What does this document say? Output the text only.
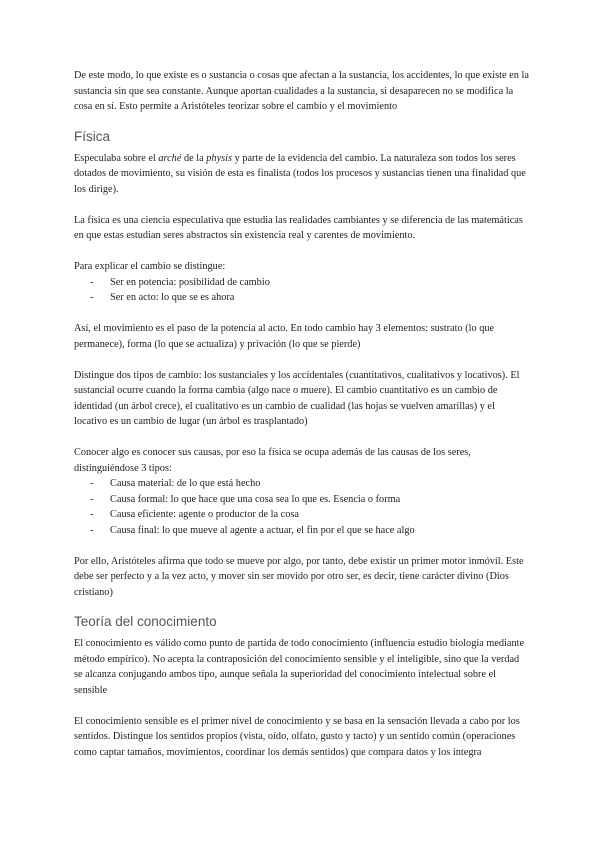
De este modo, lo que existe es o sustancia o cosas que afectan a la sustancia, los accidentes, lo que existe en la sustancia sin que sea constante. Aunque aportan cualidades a la sustancia, si desaparecen no se modifica la cosa en sí. Esto permite a Aristóteles teorizar sobre el cambio y el movimiento

Física

Especulaba sobre el arché de la physis y parte de la evidencia del cambio. La naturaleza son todos los seres dotados de movimiento, su visión de esta es finalista (todos los procesos y sustancias tienen una finalidad que los dirige).

La física es una ciencia especulativa que estudia las realidades cambiantes y se diferencia de las matemáticas en que estas estudian seres abstractos sin existencia real y carentes de movimiento.

Para explicar el cambio se distingue:

- Ser en potencia: posibilidad de cambio
- Ser en acto: lo que se es ahora

Así, el movimiento es el paso de la potencia al acto. En todo cambio hay 3 elementos: sustrato (lo que permanece), forma (lo que se actualiza) y privación (lo que se pierde)

Distingue dos tipos de cambio: los sustanciales y los accidentales (cuantitativos, cualitativos y locativos). El sustancial ocurre cuando la forma cambia (algo nace o muere). El cambio cuantitativo es un cambio de identidad (un árbol crece), el cualitativo es un cambio de cualidad (las hojas se vuelven amarillas) y el locativo es un cambio de lugar (un árbol es trasplantado)

Conocer algo es conocer sus causas, por eso la física se ocupa además de las causas de los seres, distinguiéndose 3 tipos:

- Causa material: de lo que está hecho
- Causa formal: lo que hace que una cosa sea lo que es. Esencia o forma
- Causa eficiente: agente o productor de la cosa
- Causa final: lo que mueve al agente a actuar, el fin por el que se hace algo

Por ello, Aristóteles afirma que todo se mueve por algo, por tanto, debe existir un primer motor inmóvil. Este debe ser perfecto y a la vez acto, y mover sin ser movido por otro ser, es decir, tiene carácter divino (Dios cristiano)

Teoría del conocimiento

El conocimiento es válido como punto de partida de todo conocimiento (influencia estudio biología mediante método empírico). No acepta la contraposición del conocimiento sensible y el inteligible, sino que la verdad se alcanza conjugando ambos tipo, aunque señala la superioridad del conocimiento intelectual sobre el sensible

El conocimiento sensible es el primer nivel de conocimiento y se basa en la sensación llevada a cabo por los sentidos. Distingue los sentidos propios (vista, oído, olfato, gusto y tacto) y un sentido común (operaciones como captar tamaños, movimientos, coordinar los demás sentidos) que compara datos y los integra
